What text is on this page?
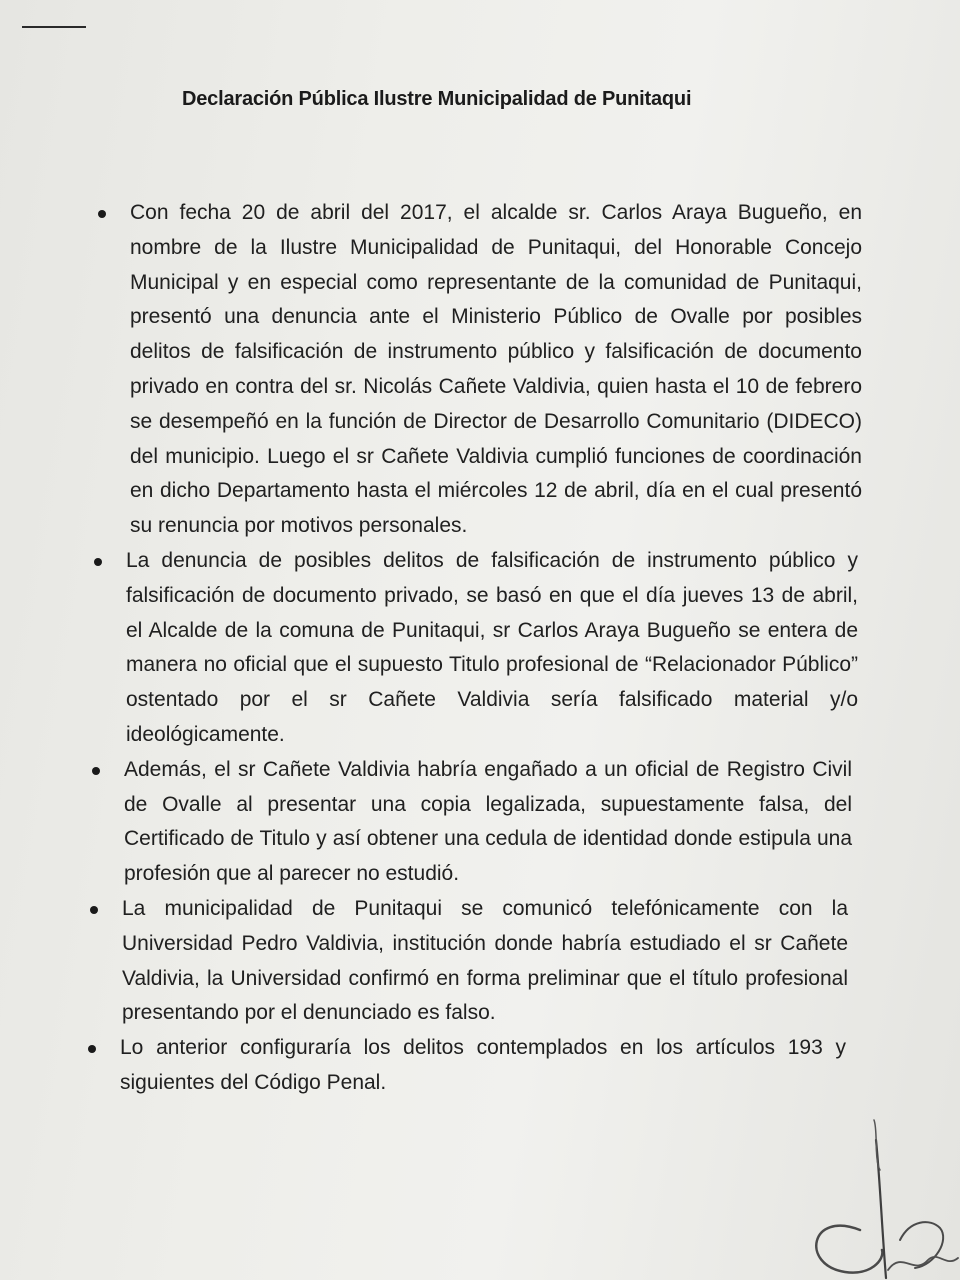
Declaración Pública Ilustre Municipalidad de Punitaqui
Con fecha 20 de abril del 2017, el alcalde sr. Carlos Araya Bugueño, en nombre de la Ilustre Municipalidad de Punitaqui, del Honorable Concejo Municipal y en especial como representante de la comunidad de Punitaqui, presentó una denuncia ante el Ministerio Público de Ovalle por posibles delitos de falsificación de instrumento público y falsificación de documento privado en contra del sr. Nicolás Cañete Valdivia, quien hasta el 10 de febrero se desempeñó en la función de Director de Desarrollo Comunitario (DIDECO) del municipio. Luego el sr Cañete Valdivia cumplió funciones de coordinación en dicho Departamento hasta el miércoles 12 de abril, día en el cual presentó su renuncia por motivos personales.
La denuncia de posibles delitos de falsificación de instrumento público y falsificación de documento privado, se basó en que el día jueves 13 de abril, el Alcalde de la comuna de Punitaqui, sr Carlos Araya Bugueño se entera de manera no oficial que el supuesto Titulo profesional de “Relacionador Público” ostentado por el sr Cañete Valdivia sería falsificado material y/o ideológicamente.
Además, el sr Cañete Valdivia habría engañado a un oficial de Registro Civil de Ovalle al presentar una copia legalizada, supuestamente falsa, del Certificado de Titulo y así obtener una cedula de identidad donde estipula una profesión que al parecer no estudió.
La municipalidad de Punitaqui se comunicó telefónicamente con la Universidad Pedro Valdivia, institución donde habría estudiado el sr Cañete Valdivia, la Universidad confirmó en forma preliminar que el título profesional presentando por el denunciado es falso.
Lo anterior configuraría los delitos contemplados en los artículos 193 y siguientes del Código Penal.
